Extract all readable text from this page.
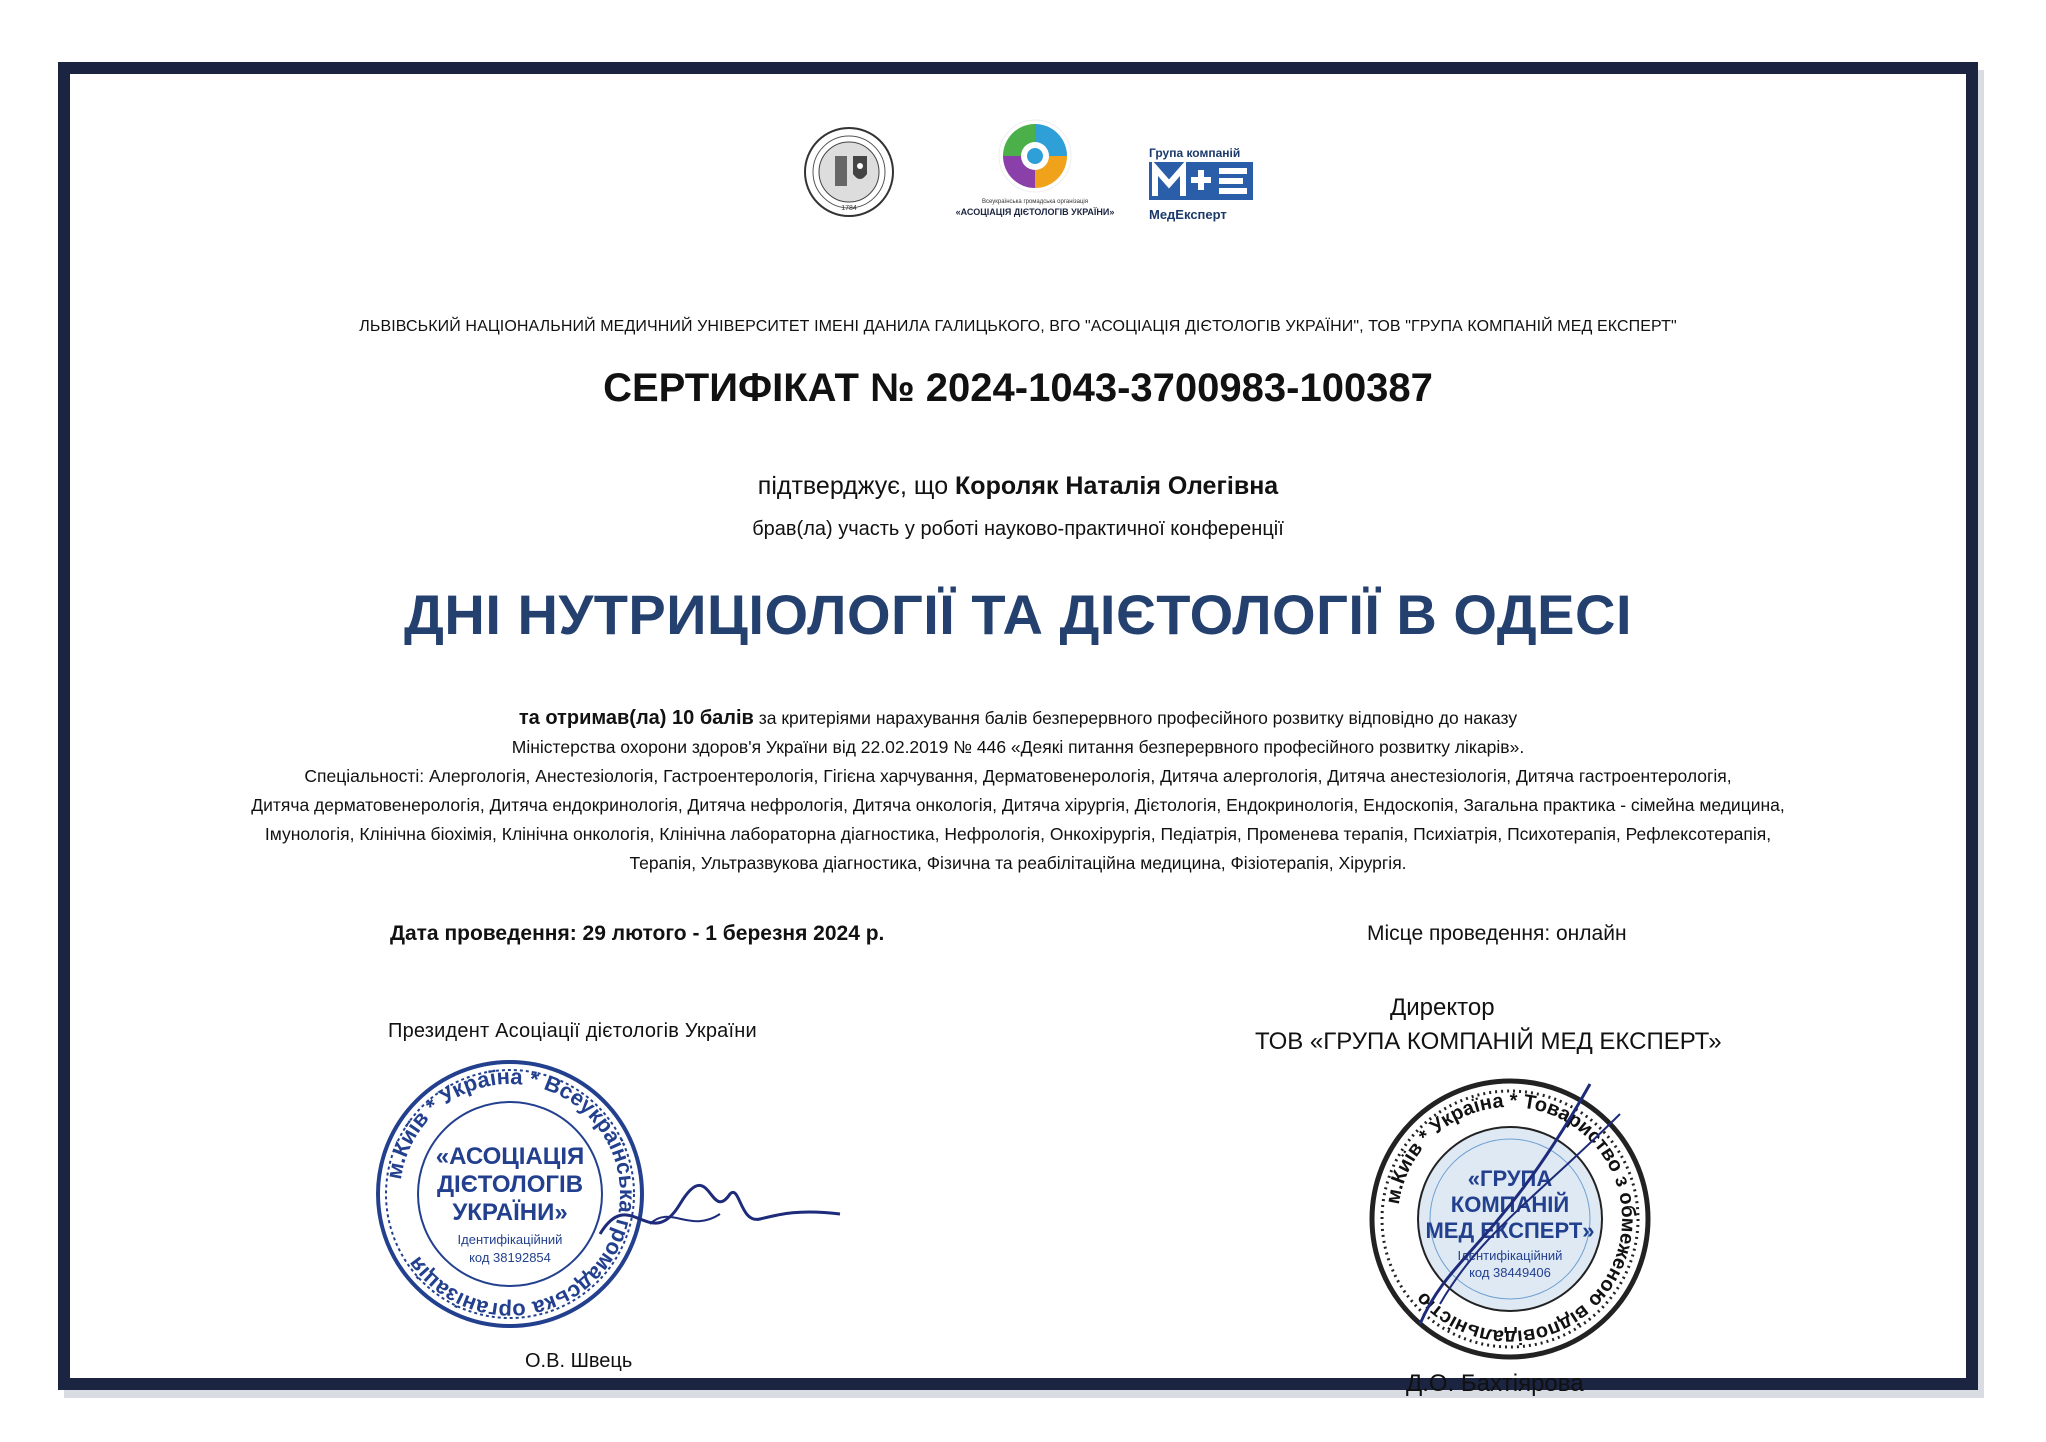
1784
Всеукраїнська громадська організація
«АСОЦІАЦІЯ ДІЄТОЛОГІВ УКРАЇНИ»
Група компаній
МедЕксперт
ЛЬВІВСЬКИЙ НАЦІОНАЛЬНИЙ МЕДИЧНИЙ УНІВЕРСИТЕТ ІМЕНІ ДАНИЛА ГАЛИЦЬКОГО, ВГО "АСОЦІАЦІЯ ДІЄТОЛОГІВ УКРАЇНИ", ТОВ "ГРУПА КОМПАНІЙ МЕД ЕКСПЕРТ"
СЕРТИФІКАТ № 2024-1043-3700983-100387
підтверджує, що Короляк Наталія Олегівна
брав(ла) участь у роботі науково-практичної конференції
ДНІ НУТРИЦІОЛОГІЇ ТА ДІЄТОЛОГІЇ В ОДЕСІ
та отримав(ла) 10 балів за критеріями нарахування балів безперервного професійного розвитку відповідно до наказу
Міністерства охорони здоров'я України від 22.02.2019 № 446 «Деякі питання безперервного професійного розвитку лікарів».
Спеціальності: Алергологія, Анестезіологія, Гастроентерологія, Гігієна харчування, Дерматовенерологія, Дитяча алергологія, Дитяча анестезіологія, Дитяча гастроентерологія,
Дитяча дерматовенерологія, Дитяча ендокринологія, Дитяча нефрологія, Дитяча онкологія, Дитяча хірургія, Дієтологія, Ендокринологія, Ендоскопія, Загальна практика - сімейна медицина,
Імунологія, Клінічна біохімія, Клінічна онкологія, Клінічна лабораторна діагностика, Нефрологія, Онкохірургія, Педіатрія, Променева терапія, Психіатрія, Психотерапія, Рефлексотерапія,
Терапія, Ультразвукова діагностика, Фізична та реабілітаційна медицина, Фізіотерапія, Хірургія.
Дата проведення: 29 лютого - 1 березня 2024 р.	Місце проведення: онлайн
Президент Асоціації дієтологів України
м.Київ * Україна * Всеукраїнська громадська організація
«АСОЦІАЦІЯ
ДІЄТОЛОГІВ
УКРАЇНИ»
Ідентифікаційний
код 38192854
О.В. Швець
Директор
ТОВ «ГРУПА КОМПАНІЙ МЕД ЕКСПЕРТ»
м.Київ * Україна * Товариство з обмеженою відповідальністю
«ГРУПА
КОМПАНІЙ
МЕД ЕКСПЕРТ»
Ідентифікаційний
код 38449406
Д.О. Бахтіярова
